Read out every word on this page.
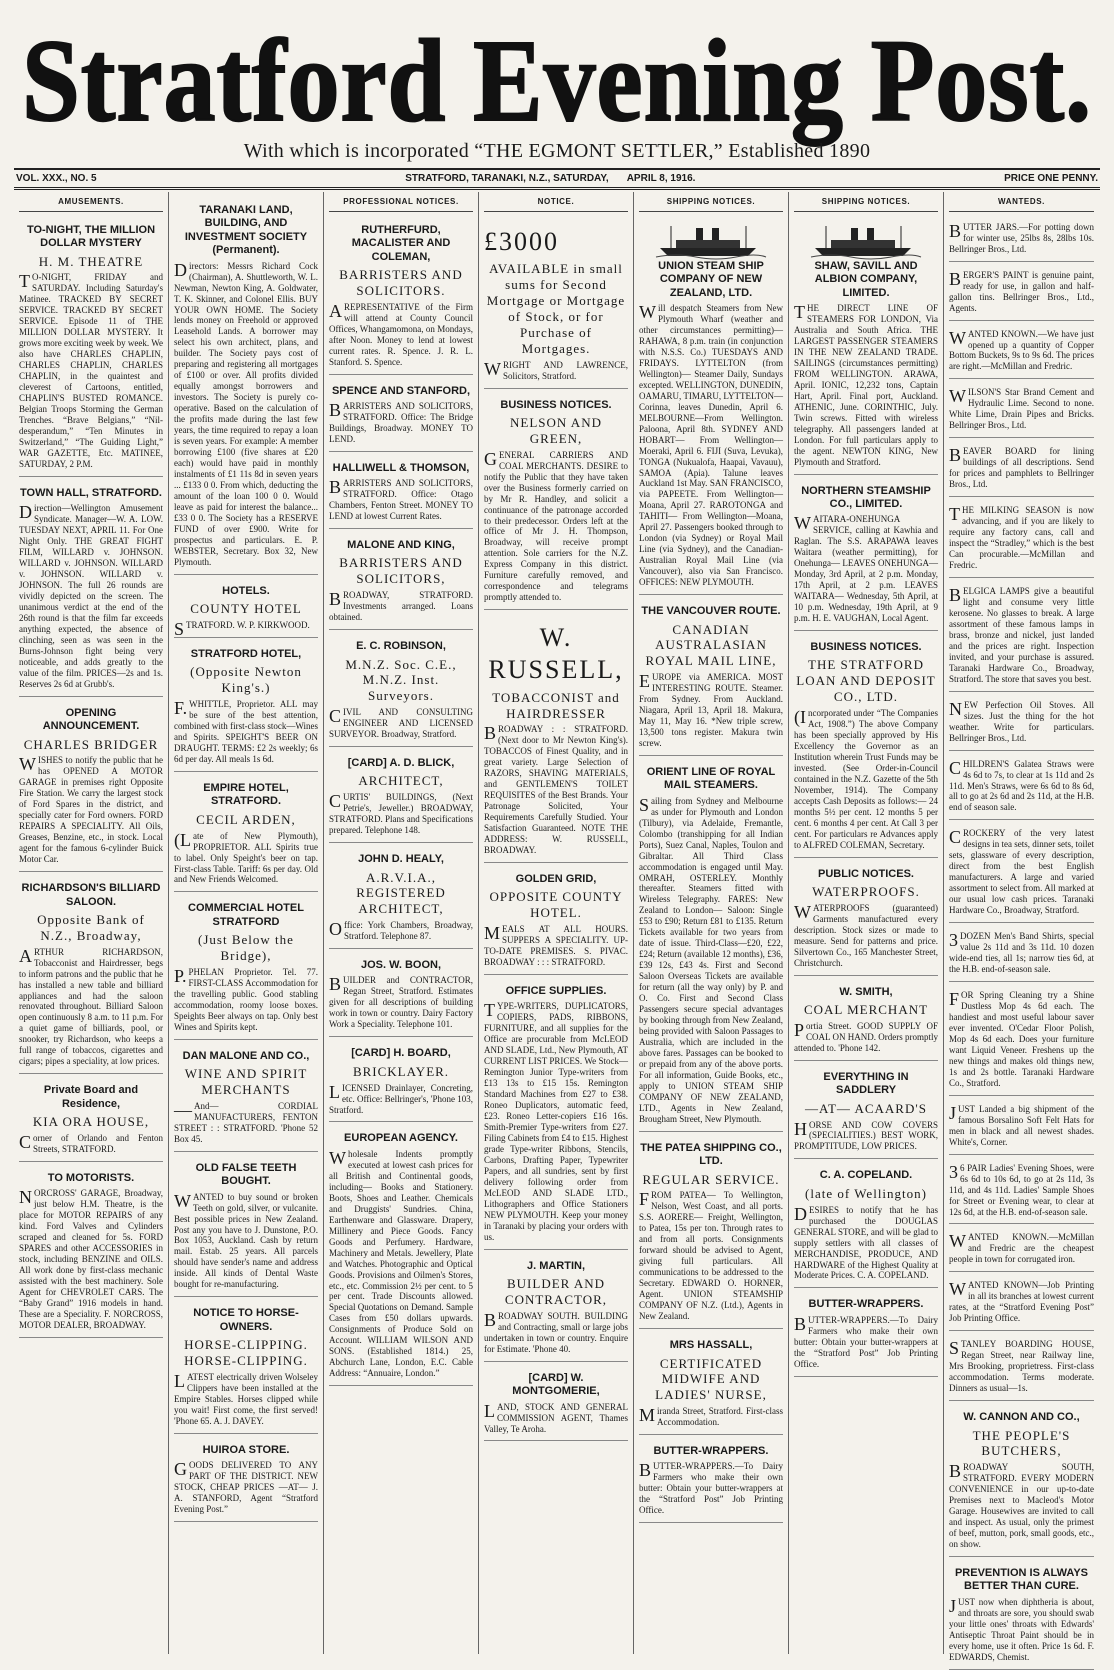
Stratford Evening Post.
With which is incorporated “THE EGMONT SETTLER,” Established 1890
VOL. XXX., NO. 5	STRATFORD, TARANAKI, N.Z., SATURDAY, APRIL 8, 1916.	PRICE ONE PENNY.
AMUSEMENTS.
TO-NIGHT, THE MILLION DOLLAR MYSTERY
H. M. THEATRE
TO-NIGHT, FRIDAY and SATURDAY. Including Saturday's Matinee. TRACKED BY SECRET SERVICE. TRACKED BY SECRET SERVICE. Episode 11 of THE MILLION DOLLAR MYSTERY. It grows more exciting week by week. We also have CHARLES CHAPLIN, CHARLES CHAPLIN, CHARLES CHAPLIN, in the quaintest and cleverest of Cartoons, entitled, CHAPLIN'S BUSTED ROMANCE. Belgian Troops Storming the German Trenches. “Brave Belgians,” “Nil-desperandum,” “Ten Minutes in Switzerland,” “The Guiding Light,” WAR GAZETTE, Etc. MATINEE, SATURDAY, 2 P.M.
TOWN HALL, STRATFORD.
Direction—Wellington Amusement Syndicate. Manager—W. A. LOW. TUESDAY NEXT, APRIL 11. For One Night Only. THE GREAT FIGHT FILM, WILLARD v. JOHNSON. WILLARD v. JOHNSON. WILLARD v. JOHNSON. WILLARD v. JOHNSON. The full 26 rounds are vividly depicted on the screen. The unanimous verdict at the end of the 26th round is that the film far exceeds anything expected, the absence of clinching, seen as was seen in the Burns-Johnson fight being very noticeable, and adds greatly to the value of the film. PRICES—2s and 1s. Reserves 2s 6d at Grubb's.
OPENING ANNOUNCEMENT.
CHARLES BRIDGER
WISHES to notify the public that he has OPENED A MOTOR GARAGE in premises right Opposite Fire Station. We carry the largest stock of Ford Spares in the district, and specially cater for Ford owners. FORD REPAIRS A SPECIALITY. All Oils, Greases, Benzine, etc., in stock. Local agent for the famous 6-cylinder Buick Motor Car.
RICHARDSON'S BILLIARD SALOON.
Opposite Bank of N.Z., Broadway,
ARTHUR RICHARDSON, Tobacconist and Hairdresser, begs to inform patrons and the public that he has installed a new table and billiard appliances and had the saloon renovated throughout. Billiard Saloon open continuously 8 a.m. to 11 p.m. For a quiet game of billiards, pool, or snooker, try Richardson, who keeps a full range of tobaccos, cigarettes and cigars; pipes a speciality, at low prices.
Private Board and Residence,
KIA ORA HOUSE,
Corner of Orlando and Fenton Streets, STRATFORD.
TO MOTORISTS.
NORCROSS' GARAGE, Broadway, just below H.M. Theatre, is the place for MOTOR REPAIRS of any kind. Ford Valves and Cylinders scraped and cleaned for 5s. FORD SPARES and other ACCESSORIES in stock, including BENZINE and OILS. All work done by first-class mechanic assisted with the best machinery. Sole Agent for CHEVROLET CARS. The “Baby Grand” 1916 models in hand. These are a Speciality. F. NORCROSS, MOTOR DEALER, BROADWAY.
TARANAKI LAND, BUILDING, AND INVESTMENT SOCIETY (Permanent).
Directors: Messrs Richard Cock (Chairman), A. Shuttleworth, W. L. Newman, Newton King, A. Goldwater, T. K. Skinner, and Colonel Ellis. BUY YOUR OWN HOME. The Society lends money on Freehold or approved Leasehold Lands. A borrower may select his own architect, plans, and builder. The Society pays cost of preparing and registering all mortgages of £100 or over. All profits divided equally amongst borrowers and investors. The Society is purely co-operative. Based on the calculation of the profits made during the last few years, the time required to repay a loan is seven years. For example: A member borrowing £100 (five shares at £20 each) would have paid in monthly instalments of £1 11s 8d in seven years ... £133 0 0. From which, deducting the amount of the loan 100 0 0. Would leave as paid for interest the balance... £33 0 0. The Society has a RESERVE FUND of over £900. Write for prospectus and particulars. E. P. WEBSTER, Secretary. Box 32, New Plymouth.
HOTELS.
COUNTY HOTEL
STRATFORD. W. P. KIRKWOOD.
STRATFORD HOTEL,
(Opposite Newton King's.)
F.WHITTLE, Proprietor. ALL may be sure of the best attention, combined with first-class stock—Wines and Spirits. SPEIGHT'S BEER ON DRAUGHT. TERMS: £2 2s weekly; 6s 6d per day. All meals 1s 6d.
EMPIRE HOTEL, STRATFORD.
CECIL ARDEN,
(Late of New Plymouth), PROPRIETOR. ALL Spirits true to label. Only Speight's beer on tap. First-class Table. Tariff: 6s per day. Old and New Friends Welcomed.
COMMERCIAL HOTEL STRATFORD
(Just Below the Bridge),
P.PHELAN Proprietor. Tel. 77. FIRST-CLASS Accommodation for the travelling public. Good stabling accommodation, roomy loose boxes. Speights Beer always on tap. Only best Wines and Spirits kept.
DAN MALONE AND CO.,
WINE AND SPIRIT MERCHANTS
—And— CORDIAL MANUFACTURERS, FENTON STREET : : STRATFORD. 'Phone 52 Box 45.
OLD FALSE TEETH BOUGHT.
WANTED to buy sound or broken Teeth on gold, silver, or vulcanite. Best possible prices in New Zealand. Post any you have to J. Dunstone, P.O. Box 1053, Auckland. Cash by return mail. Estab. 25 years. All parcels should have sender's name and address inside. All kinds of Dental Waste bought for re-manufacturing.
NOTICE TO HORSE-OWNERS.
HORSE-CLIPPING. HORSE-CLIPPING.
LATEST electrically driven Wolseley Clippers have been installed at the Empire Stables. Horses clipped while you wait! First come, the first served! 'Phone 65. A. J. DAVEY.
HUIROA STORE.
GOODS DELIVERED TO ANY PART OF THE DISTRICT. NEW STOCK, CHEAP PRICES —AT— J. A. STANFORD, Agent “Stratford Evening Post.”
PROFESSIONAL NOTICES.
RUTHERFURD, MACALISTER AND COLEMAN,
BARRISTERS AND SOLICITORS.
AREPRESENTATIVE of the Firm will attend at County Council Offices, Whangamomona, on Mondays, after Noon. Money to lend at lowest current rates. R. Spence. J. R. L. Stanford. S. Spence.
SPENCE AND STANFORD,
BARRISTERS AND SOLICITORS, STRATFORD. Office: The Bridge Buildings, Broadway. MONEY TO LEND.
HALLIWELL & THOMSON,
BARRISTERS AND SOLICITORS, STRATFORD. Office: Otago Chambers, Fenton Street. MONEY TO LEND at lowest Current Rates.
MALONE AND KING,
BARRISTERS AND SOLICITORS,
BROADWAY, STRATFORD. Investments arranged. Loans obtained.
E. C. ROBINSON,
M.N.Z. Soc. C.E., M.N.Z. Inst. Surveyors.
CIVIL AND CONSULTING ENGINEER AND LICENSED SURVEYOR. Broadway, Stratford.
[CARD] A. D. BLICK,
ARCHITECT,
CURTIS' BUILDINGS, (Next Petrie's, Jeweller.) BROADWAY, STRATFORD. Plans and Specifications prepared. Telephone 148.
JOHN D. HEALY,
A.R.V.I.A., REGISTERED ARCHITECT,
Office: York Chambers, Broadway, Stratford. Telephone 87.
JOS. W. BOON,
BUILDER and CONTRACTOR, Regan Street, Stratford. Estimates given for all descriptions of building work in town or country. Dairy Factory Work a Speciality. Telephone 101.
[CARD] H. BOARD,
BRICKLAYER.
LICENSED Drainlayer, Concreting, etc. Office: Bellringer's, 'Phone 103, Stratford.
EUROPEAN AGENCY.
Wholesale Indents promptly executed at lowest cash prices for all British and Continental goods, including— Books and Stationery. Boots, Shoes and Leather. Chemicals and Druggists' Sundries. China, Earthenware and Glassware. Drapery, Millinery and Piece Goods. Fancy Goods and Perfumery. Hardware, Machinery and Metals. Jewellery, Plate and Watches. Photographic and Optical Goods. Provisions and Oilmen's Stores, etc., etc. Commission 2½ per cent. to 5 per cent. Trade Discounts allowed. Special Quotations on Demand. Sample Cases from £50 dollars upwards. Consignments of Produce Sold on Account. WILLIAM WILSON AND SONS. (Established 1814.) 25, Abchurch Lane, London, E.C. Cable Address: “Annuaire, London.”
NOTICE.
£3000
AVAILABLE in small sums for Second Mortgage or Mortgage of Stock, or for Purchase of Mortgages.
WRIGHT AND LAWRENCE, Solicitors, Stratford.
BUSINESS NOTICES.
NELSON AND GREEN,
GENERAL CARRIERS AND COAL MERCHANTS. DESIRE to notify the Public that they have taken over the Business formerly carried on by Mr R. Handley, and solicit a continuance of the patronage accorded to their predecessor. Orders left at the office of Mr J. H. Thompson, Broadway, will receive prompt attention. Sole carriers for the N.Z. Express Company in this district. Furniture carefully removed, and correspondence and telegrams promptly attended to.
W. RUSSELL,
TOBACCONIST and HAIRDRESSER
BROADWAY : : STRATFORD. (Next door to Mr Newton King's). TOBACCOS of Finest Quality, and in great variety. Large Selection of RAZORS, SHAVING MATERIALS, and GENTLEMEN'S TOILET REQUISITES of the Best Brands. Your Patronage Solicited, Your Requirements Carefully Studied. Your Satisfaction Guaranteed. NOTE THE ADDRESS: W. RUSSELL, BROADWAY.
GOLDEN GRID,
OPPOSITE COUNTY HOTEL.
MEALS AT ALL HOURS. SUPPERS A SPECIALITY. UP-TO-DATE PREMISES. S. PIVAC. BROADWAY : : : STRATFORD.
OFFICE SUPPLIES.
TYPE-WRITERS, DUPLICATORS, COPIERS, PADS, RIBBONS, FURNITURE, and all supplies for the Office are procurable from McLEOD AND SLADE, Ltd., New Plymouth, AT CURRENT LIST PRICES. We Stock— Remington Junior Type-writers from £13 13s to £15 15s. Remington Standard Machines from £27 to £38. Roneo Duplicators, automatic feed, £23. Roneo Letter-copiers £16 16s. Smith-Premier Type-writers from £27. Filing Cabinets from £4 to £15. Highest grade Type-writer Ribbons, Stencils, Carbons, Drafting Paper, Typewriter Papers, and all sundries, sent by first delivery following order from McLEOD AND SLADE LTD., Lithographers and Office Stationers NEW PLYMOUTH. Keep your money in Taranaki by placing your orders with us.
J. MARTIN,
BUILDER AND CONTRACTOR,
BROADWAY SOUTH. BUILDING and Contracting, small or large jobs undertaken in town or country. Enquire for Estimate. 'Phone 40.
[CARD] W. MONTGOMERIE,
LAND, STOCK AND GENERAL COMMISSION AGENT, Thames Valley, Te Aroha.
SHIPPING NOTICES.
UNION STEAM SHIP COMPANY OF NEW ZEALAND, LTD.
Will despatch Steamers from New Plymouth Wharf (weather and other circumstances permitting)— RAHAWA, 8 p.m. train (in conjunction with N.S.S. Co.) TUESDAYS AND FRIDAYS. LYTTELTON (from Wellington)— Steamer Daily, Sundays excepted. WELLINGTON, DUNEDIN, OAMARU, TIMARU, LYTTELTON— Corinna, leaves Dunedin, April 6. MELBOURNE—From Wellington. Paloona, April 8th. SYDNEY AND HOBART— From Wellington—Moeraki, April 6. FIJI (Suva, Levuka), TONGA (Nukualofa, Haapai, Vavauu), SAMOA (Apia). Talune leaves Auckland 1st May. SAN FRANCISCO, via PAPEETE. From Wellington—Moana, April 27. RAROTONGA and TAHITI— From Wellington—Moana, April 27. Passengers booked through to London (via Sydney) or Royal Mail Line (via Sydney), and the Canadian-Australian Royal Mail Line (via Vancouver), also via San Francisco. OFFICES: NEW PLYMOUTH.
THE VANCOUVER ROUTE.
CANADIAN AUSTRALASIAN ROYAL MAIL LINE,
EUROPE via AMERICA. MOST INTERESTING ROUTE. Steamer. From Sydney. From Auckland. Niagara, April 13, April 18. Makura, May 11, May 16. *New triple screw, 13,500 tons register. Makura twin screw.
ORIENT LINE OF ROYAL MAIL STEAMERS.
Sailing from Sydney and Melbourne as under for Plymouth and London (Tilbury), via Adelaide, Fremantle, Colombo (transhipping for all Indian Ports), Suez Canal, Naples, Toulon and Gibraltar. All Third Class accommodation is engaged until May. OMRAH, OSTERLEY. Monthly thereafter. Steamers fitted with Wireless Telegraphy. FARES: New Zealand to London— Saloon: Single £53 to £90; Return £81 to £135. Return Tickets available for two years from date of issue. Third-Class—£20, £22, £24; Return (available 12 months), £36, £39 12s, £43 4s. First and Second Saloon Overseas Tickets are available for return (all the way only) by P. and O. Co. First and Second Class Passengers secure special advantages by booking through from New Zealand, being provided with Saloon Passages to Australia, which are included in the above fares. Passages can be booked to or prepaid from any of the above ports. For all information, Guide Books, etc., apply to UNION STEAM SHIP COMPANY OF NEW ZEALAND, LTD., Agents in New Zealand, Brougham Street, New Plymouth.
THE PATEA SHIPPING CO., LTD.
REGULAR SERVICE.
FROM PATEA— To Wellington, Nelson, West Coast, and all ports. S.S. AORERE— Freight, Wellington, to Patea, 15s per ton. Through rates to and from all ports. Consignments forward should be advised to Agent, giving full particulars. All communications to be addressed to the Secretary. EDWARD O. HORNER, Agent. UNION STEAMSHIP COMPANY OF N.Z. (Ltd.), Agents in New Zealand.
MRS HASSALL,
CERTIFICATED MIDWIFE AND LADIES' NURSE,
Miranda Street, Stratford. First-class Accommodation.
BUTTER-WRAPPERS.
BUTTER-WRAPPERS.—To Dairy Farmers who make their own butter: Obtain your butter-wrappers at the “Stratford Post” Job Printing Office.
SHIPPING NOTICES.
SHAW, SAVILL AND ALBION COMPANY, LIMITED.
THE DIRECT LINE OF STEAMERS FOR LONDON, Via Australia and South Africa. THE LARGEST PASSENGER STEAMERS IN THE NEW ZEALAND TRADE. SAILINGS (circumstances permitting) FROM WELLINGTON. ARAWA, April. IONIC, 12,232 tons, Captain Hart, April. Final port, Auckland. ATHENIC, June. CORINTHIC, July. Twin screws. Fitted with wireless telegraphy. All passengers landed at London. For full particulars apply to the agent. NEWTON KING, New Plymouth and Stratford.
NORTHERN STEAMSHIP CO., LIMITED.
WAITARA-ONEHUNGA SERVICE, calling at Kawhia and Raglan. The S.S. ARAPAWA leaves Waitara (weather permitting), for Onehunga— LEAVES ONEHUNGA— Monday, 3rd April, at 2 p.m. Monday, 17th April, at 2 p.m. LEAVES WAITARA— Wednesday, 5th April, at 10 p.m. Wednesday, 19th April, at 9 p.m. H. E. VAUGHAN, Local Agent.
BUSINESS NOTICES.
THE STRATFORD LOAN AND DEPOSIT CO., LTD.
(Incorporated under “The Companies Act, 1908.”) The above Company has been specially approved by His Excellency the Governor as an Institution wherein Trust Funds may be invested. (See Order-in-Council contained in the N.Z. Gazette of the 5th November, 1914). The Company accepts Cash Deposits as follows:— 24 months 5½ per cent. 12 months 5 per cent. 6 months 4 per cent. At Call 3 per cent. For particulars re Advances apply to ALFRED COLEMAN, Secretary.
PUBLIC NOTICES.
WATERPROOFS.
WATERPROOFS (guaranteed) Garments manufactured every description. Stock sizes or made to measure. Send for patterns and price. Silvertown Co., 165 Manchester Street, Christchurch.
W. SMITH,
COAL MERCHANT
Portia Street. GOOD SUPPLY OF COAL ON HAND. Orders promptly attended to. 'Phone 142.
EVERYTHING IN SADDLERY
—AT— ACAARD'S
HORSE AND COW COVERS (SPECIALITIES.) BEST WORK, PROMPTITUDE, LOW PRICES.
C. A. COPELAND.
(late of Wellington)
DESIRES to notify that he has purchased the DOUGLAS GENERAL STORE, and will be glad to supply settlers with all classes of MERCHANDISE, PRODUCE, AND HARDWARE of the Highest Quality at Moderate Prices. C. A. COPELAND.
BUTTER-WRAPPERS.
BUTTER-WRAPPERS.—To Dairy Farmers who make their own butter: Obtain your butter-wrappers at the “Stratford Post” Job Printing Office.
WANTEDS.
BUTTER JARS.—For potting down for winter use, 25lbs 8s, 28lbs 10s. Bellringer Bros., Ltd.
BERGER'S PAINT is genuine paint, ready for use, in gallon and half-gallon tins. Bellringer Bros., Ltd., Agents.
WANTED KNOWN.—We have just opened up a quantity of Copper Bottom Buckets, 9s to 9s 6d. The prices are right.—McMillan and Fredric.
WILSON'S Star Brand Cement and Hydraulic Lime. Second to none. White Lime, Drain Pipes and Bricks. Bellringer Bros., Ltd.
BEAVER BOARD for lining buildings of all descriptions. Send for prices and pamphlets to Bellringer Bros., Ltd.
THE MILKING SEASON is now advancing, and if you are likely to require any factory cans, call and inspect the “Stradley,” which is the best Can procurable.—McMillan and Fredric.
BELGICA LAMPS give a beautiful light and consume very little kerosene. No glasses to break. A large assortment of these famous lamps in brass, bronze and nickel, just landed and the prices are right. Inspection invited, and your purchase is assured. Taranaki Hardware Co., Broadway, Stratford. The store that saves you best.
NEW Perfection Oil Stoves. All sizes. Just the thing for the hot weather. Write for particulars. Bellringer Bros., Ltd.
CHILDREN'S Galatea Straws were 4s 6d to 7s, to clear at 1s 11d and 2s 11d. Men's Straws, were 6s 6d to 8s 6d, all to go at 2s 6d and 2s 11d, at the H.B. end of season sale.
CROCKERY of the very latest designs in tea sets, dinner sets, toilet sets, glassware of every description, direct from the best English manufacturers. A large and varied assortment to select from. All marked at our usual low cash prices. Taranaki Hardware Co., Broadway, Stratford.
3DOZEN Men's Band Shirts, special value 2s 11d and 3s 11d. 10 dozen wide-end ties, all 1s; narrow ties 6d, at the H.B. end-of-season sale.
FOR Spring Cleaning try a Shine Dustless Mop 4s 6d each. The handiest and most useful labour saver ever invented. O'Cedar Floor Polish, Mop 4s 6d each. Does your furniture want Liquid Veneer. Freshens up the new things and makes old things new, 1s and 2s bottle. Taranaki Hardware Co., Stratford.
JUST Landed a big shipment of the famous Borsalino Soft Felt Hats for men in black and all newest shades. White's, Corner.
36 PAIR Ladies' Evening Shoes, were 6s 6d to 10s 6d, to go at 2s 11d, 3s 11d, and 4s 11d. Ladies' Sample Shoes for Street or Evening wear, to clear at 12s 6d, at the H.B. end-of-season sale.
WANTED KNOWN.—McMillan and Fredric are the cheapest people in town for corrugated iron.
WANTED KNOWN—Job Printing in all its branches at lowest current rates, at the “Stratford Evening Post” Job Printing Office.
STANLEY BOARDING HOUSE, Regan Street, near Railway line, Mrs Brooking, proprietress. First-class accommodation. Terms moderate. Dinners as usual—1s.
W. CANNON AND CO.,
THE PEOPLE'S BUTCHERS,
BROADWAY SOUTH, STRATFORD. EVERY MODERN CONVENIENCE in our up-to-date Premises next to Macleod's Motor Garage. Housewives are invited to call and inspect. As usual, only the primest of beef, mutton, pork, small goods, etc., on show.
PREVENTION IS ALWAYS BETTER THAN CURE.
JUST now when diphtheria is about, and throats are sore, you should swab your little ones' throats with Edwards' Antiseptic Throat Paint should be in every home, use it often. Price 1s 6d. F. EDWARDS, Chemist.
